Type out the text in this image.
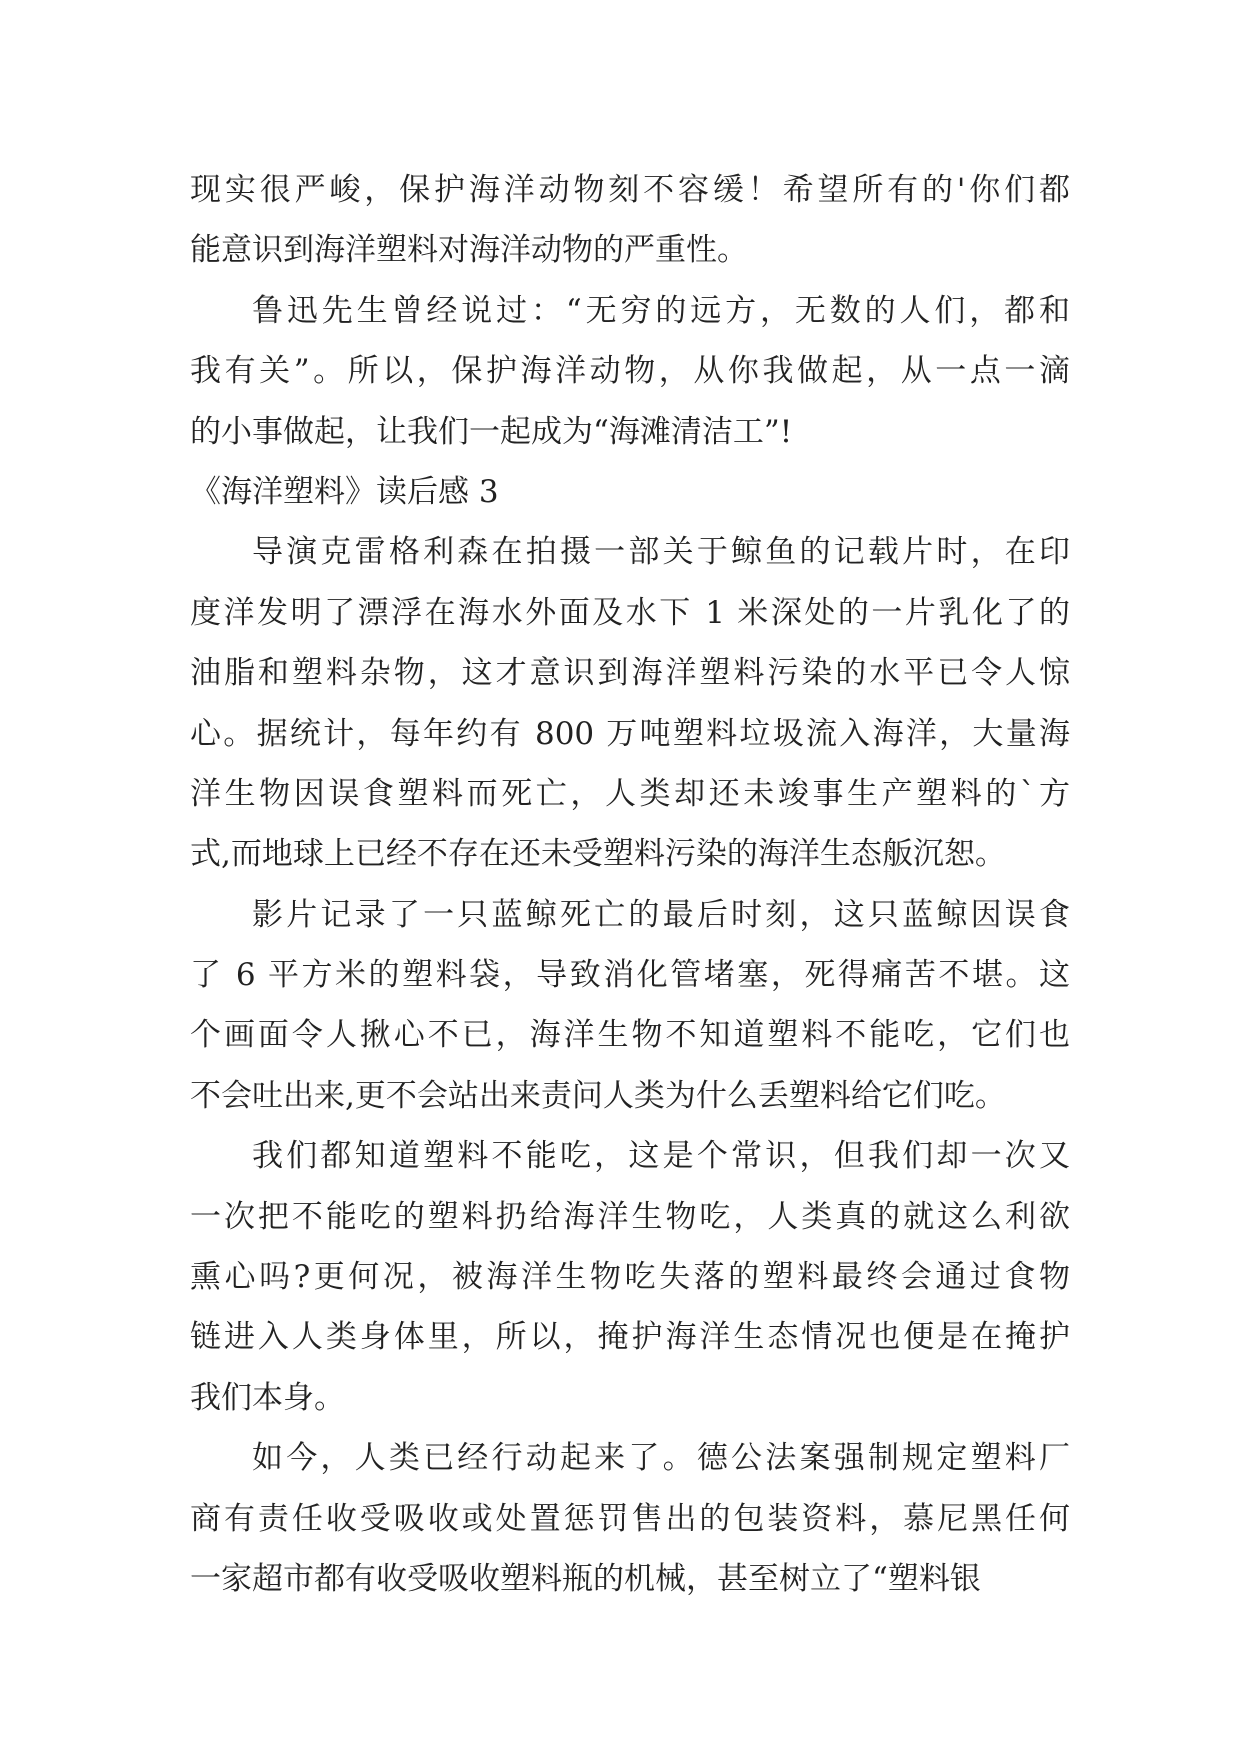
现实很严峻，保护海洋动物刻不容缓！希望所有的'你们都
能意识到海洋塑料对海洋动物的严重性。
鲁迅先生曾经说过：“无穷的远方，无数的人们，都和
我有关”。所以，保护海洋动物，从你我做起，从一点一滴
的小事做起，让我们一起成为“海滩清洁工”!
《海洋塑料》读后感 3
导演克雷格利森在拍摄一部关于鲸鱼的记载片时，在印
度洋发明了漂浮在海水外面及水下 1 米深处的一片乳化了的
油脂和塑料杂物，这才意识到海洋塑料污染的水平已令人惊
心。据统计，每年约有 800 万吨塑料垃圾流入海洋，大量海
洋生物因误食塑料而死亡，人类却还未竣事生产塑料的`方
式,而地球上已经不存在还未受塑料污染的海洋生态舨沉恕。
影片记录了一只蓝鲸死亡的最后时刻，这只蓝鲸因误食
了 6 平方米的塑料袋，导致消化管堵塞，死得痛苦不堪。这
个画面令人揪心不已，海洋生物不知道塑料不能吃，它们也
不会吐出来,更不会站出来责问人类为什么丢塑料给它们吃。
我们都知道塑料不能吃，这是个常识，但我们却一次又
一次把不能吃的塑料扔给海洋生物吃，人类真的就这么利欲
熏心吗?更何况，被海洋生物吃失落的塑料最终会通过食物
链进入人类身体里，所以，掩护海洋生态情况也便是在掩护
我们本身。
如今，人类已经行动起来了。德公法案强制规定塑料厂
商有责任收受吸收或处置惩罚售出的包装资料，慕尼黑任何
一家超市都有收受吸收塑料瓶的机械，甚至树立了“塑料银
